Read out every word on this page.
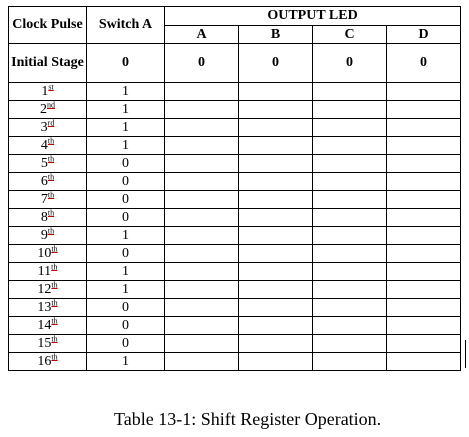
Clock Pulse	Switch A	OUTPUT LED			
		A	B	C	D
Initial Stage	0	0	0	0	0
1st	1				
2nd	1				
3rd	1				
4th	1				
5th	0				
6th	0				
7th	0				
8th	0				
9th	1				
10th	0				
11th	1				
12th	1				
13th	0				
14th	0				
15th	0				
16th	1				
Table 13-1: Shift Register Operation.
